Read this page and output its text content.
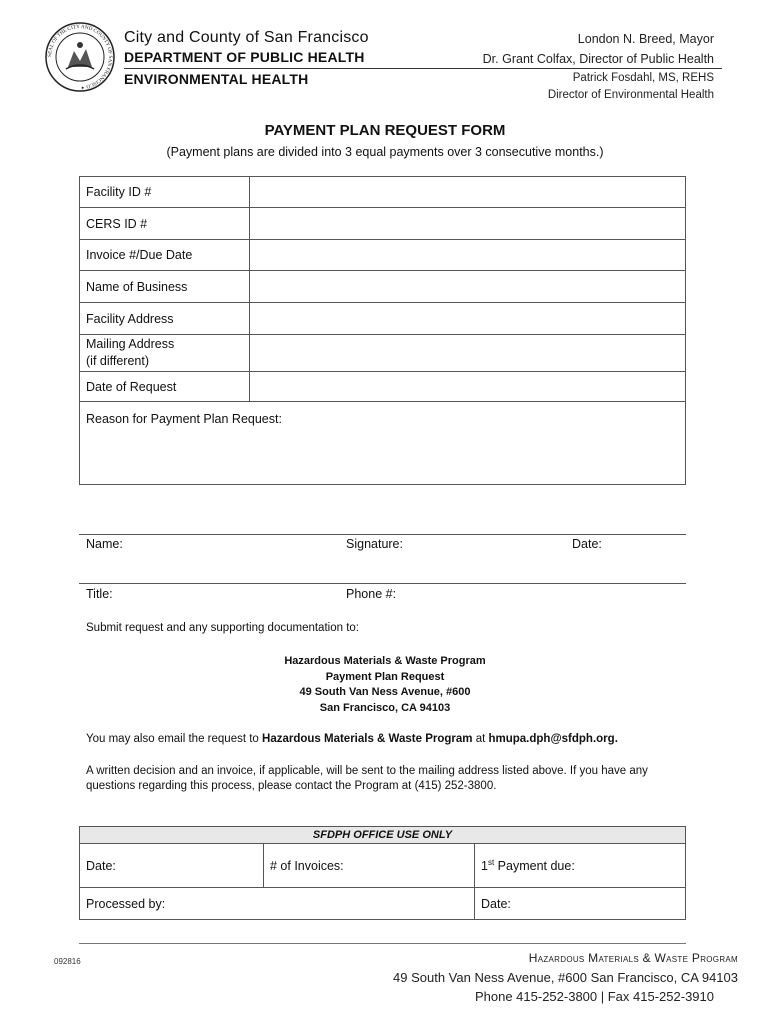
SEAL OF THE CITY AND COUNTY OF SAN FRANCISCO ✦
City and County of San Francisco
DEPARTMENT OF PUBLIC HEALTH
ENVIRONMENTAL HEALTH
London N. Breed, Mayor
Dr. Grant Colfax, Director of Public Health
Patrick Fosdahl, MS, REHS
Director of Environmental Health
PAYMENT PLAN REQUEST FORM
(Payment plans are divided into 3 equal payments over 3 consecutive months.)
Facility ID #	
CERS ID #	
Invoice #/Due Date	
Name of Business	
Facility Address	

Mailing Address
(if different)	

Date of Request	
Reason for Payment Plan Request:	
Name:	Signature:	Date:
Title:	Phone #:
Submit request and any supporting documentation to:
Hazardous Materials & Waste Program
Payment Plan Request
49 South Van Ness Avenue, #600
San Francisco, CA 94103
You may also email the request to Hazardous Materials & Waste Program at hmupa.dph@sfdph.org.
A written decision and an invoice, if applicable, will be sent to the mailing address listed above. If you have any
questions regarding this process, please contact the Program at (415) 252-3800.
SFDPH OFFICE USE ONLY		
Date:	# of Invoices:	1st Payment due:
Processed by:		Date:
092816	Hazardous Materials & Waste Program
49 South Van Ness Avenue, #600 San Francisco, CA 94103
Phone 415-252-3800 | Fax 415-252-3910
